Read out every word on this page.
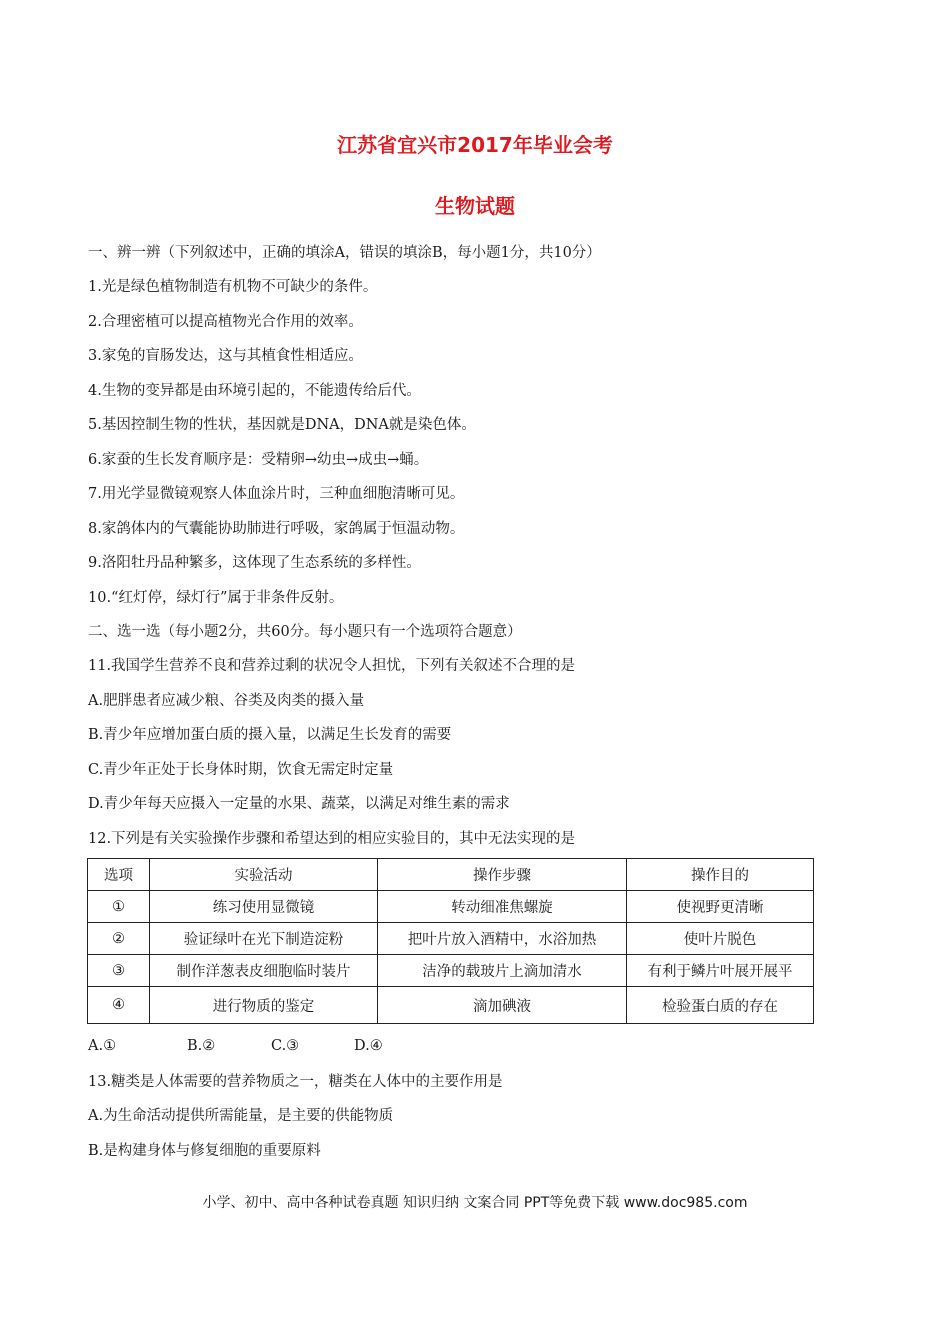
江苏省宜兴市2017年毕业会考
生物试题
一、辨一辨（下列叙述中，正确的填涂A，错误的填涂B，每小题1分，共10分）
1.光是绿色植物制造有机物不可缺少的条件。
2.合理密植可以提高植物光合作用的效率。
3.家兔的盲肠发达，这与其植食性相适应。
4.生物的变异都是由环境引起的，不能遗传给后代。
5.基因控制生物的性状，基因就是DNA，DNA就是染色体。
6.家蚕的生长发育顺序是：受精卵→幼虫→成虫→蛹。
7.用光学显微镜观察人体血涂片时，三种血细胞清晰可见。
8.家鸽体内的气囊能协助肺进行呼吸，家鸽属于恒温动物。
9.洛阳牡丹品种繁多，这体现了生态系统的多样性。
10.“红灯停，绿灯行”属于非条件反射。
二、选一选（每小题2分，共60分。每小题只有一个选项符合题意）
11.我国学生营养不良和营养过剩的状况令人担忧，下列有关叙述不合理的是
A.肥胖患者应减少粮、谷类及肉类的摄入量
B.青少年应增加蛋白质的摄入量，以满足生长发育的需要
C.青少年正处于长身体时期，饮食无需定时定量
D.青少年每天应摄入一定量的水果、蔬菜，以满足对维生素的需求
12.下列是有关实验操作步骤和希望达到的相应实验目的，其中无法实现的是
选项	实验活动	操作步骤	操作目的
①	练习使用显微镜	转动细准焦螺旋	使视野更清晰
②	验证绿叶在光下制造淀粉	把叶片放入酒精中，水浴加热	使叶片脱色
③	制作洋葱表皮细胞临时装片	洁净的载玻片上滴加清水	有利于鳞片叶展开展平
④	进行物质的鉴定	滴加碘液	检验蛋白质的存在
A.①	B.②	C.③	D.④
13.糖类是人体需要的营养物质之一，糖类在人体中的主要作用是
A.为生命活动提供所需能量，是主要的供能物质
B.是构建身体与修复细胞的重要原料
小学、初中、高中各种试卷真题 知识归纳 文案合同 PPT等免费下载 www.doc985.com
